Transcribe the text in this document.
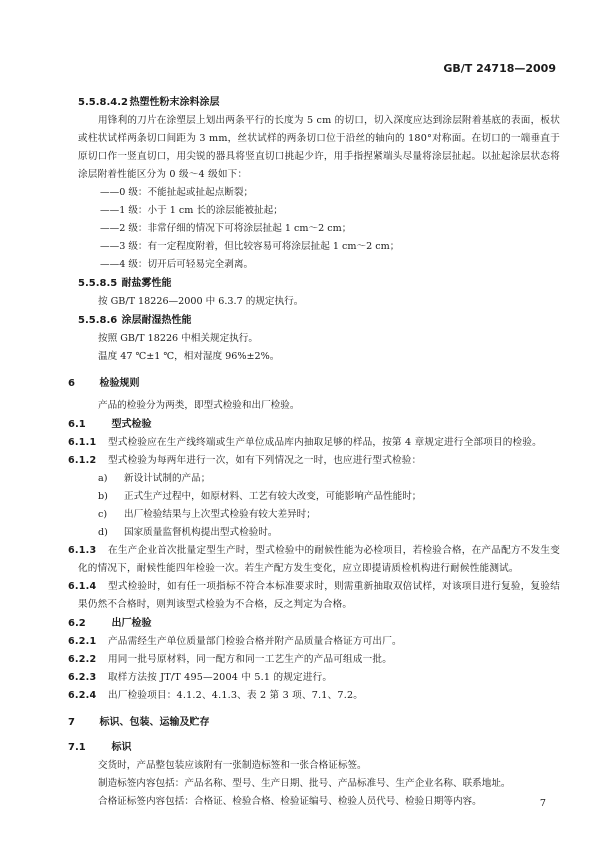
GB/T 24718—2009
5.5.8.4.2 热塑性粉末涂料涂层
用锋利的刀片在涂塑层上划出两条平行的长度为 5 cm 的切口，切入深度应达到涂层附着基底的表面，板状或柱状试样两条切口间距为 3 mm，丝状试样的两条切口位于沿丝的轴向的 180°对称面。在切口的一端垂直于原切口作一竖直切口，用尖锐的器具将竖直切口挑起少许，用手指捏紧端头尽量将涂层扯起。以扯起涂层状态将涂层附着性能区分为 0 级～4 级如下：
——0 级：不能扯起或扯起点断裂；
——1 级：小于 1 cm 长的涂层能被扯起；
——2 级：非常仔细的情况下可将涂层扯起 1 cm～2 cm；
——3 级：有一定程度附着，但比较容易可将涂层扯起 1 cm～2 cm；
——4 级：切开后可轻易完全剥离。
5.5.8.5 耐盐雾性能
按 GB/T 18226—2000 中 6.3.7 的规定执行。
5.5.8.6 涂层耐湿热性能
按照 GB/T 18226 中相关规定执行。
温度 47 ℃±1 ℃，相对湿度 96%±2%。
6 检验规则
产品的检验分为两类，即型式检验和出厂检验。
6.1	型式检验
6.1.1 型式检验应在生产线终端或生产单位成品库内抽取足够的样品，按第 4 章规定进行全部项目的检验。
6.1.2 型式检验为每两年进行一次，如有下列情况之一时，也应进行型式检验：
a) 新设计试制的产品；
b) 正式生产过程中，如原材料、工艺有较大改变，可能影响产品性能时；
c) 出厂检验结果与上次型式检验有较大差异时；
d) 国家质量监督机构提出型式检验时。
6.1.3 在生产企业首次批量定型生产时，型式检验中的耐候性能为必检项目，若检验合格，在产品配方不发生变化的情况下，耐候性能四年检验一次。若生产配方发生变化，应立即提请质检机构进行耐候性能测试。
6.1.4 型式检验时，如有任一项指标不符合本标准要求时，则需重新抽取双倍试样，对该项目进行复验，复验结果仍然不合格时，则判该型式检验为不合格，反之判定为合格。
6.2	出厂检验
6.2.1 产品需经生产单位质量部门检验合格并附产品质量合格证方可出厂。
6.2.2 用同一批号原材料，同一配方和同一工艺生产的产品可组成一批。
6.2.3 取样方法按 JT/T 495—2004 中 5.1 的规定进行。
6.2.4 出厂检验项目：4.1.2、4.1.3、表 2 第 3 项、7.1、7.2。
7 标识、包装、运输及贮存
7.1	标识
交货时，产品整包装应该附有一张制造标签和一张合格证标签。
制造标签内容包括：产品名称、型号、生产日期、批号、产品标准号、生产企业名称、联系地址。
合格证标签内容包括：合格证、检验合格、检验证编号、检验人员代号、检验日期等内容。	7
